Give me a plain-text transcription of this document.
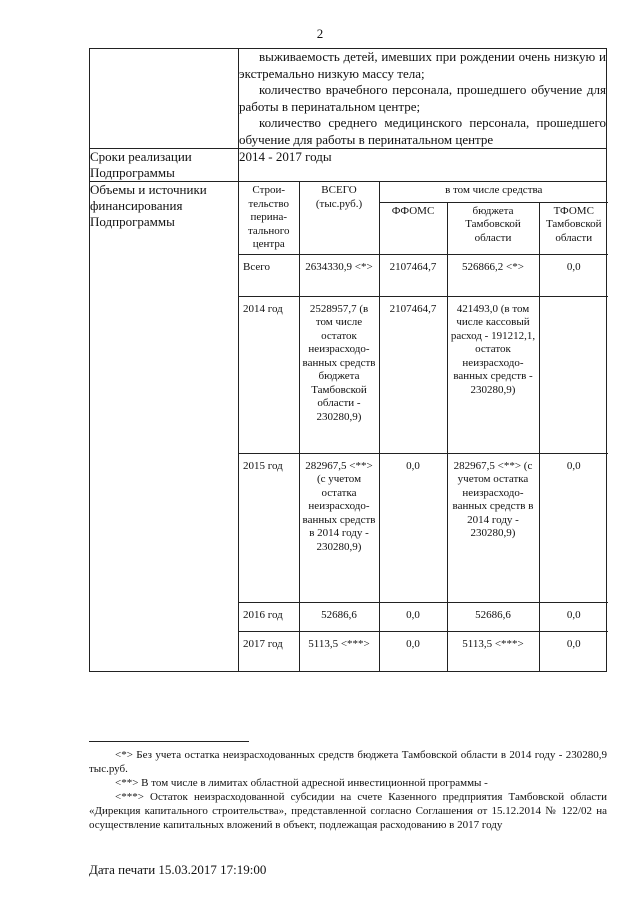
2

выживаемость детей, имевших при рождении очень низкую и экстремально низкую массу тела;

количество врачебного персонала, прошедшего обучение для работы в перинатальном центре;

количество среднего медицинского персонала, прошедшего обучение для работы в перинатальном центре

Сроки реализации Подпрограммы	2014 - 2017 годы
Объемы и источники финансирования Подпрограммы	
Строи-тельство перина-тального центра	ВСЕГО (тыс.руб.)	в том числе средства
ФФОМС	бюджета Тамбовской области	ТФОМС Тамбовской области
Всего	2634330,9 <*>	2107464,7	526866,2 <*>	0,0
2014 год	2528957,7 (в том числе остаток неизрасходо-ванных средств бюджета Тамбовской области - 230280,9)	2107464,7	421493,0 (в том числе кассовый расход - 191212,1, остаток неизрасходо-ванных средств - 230280,9)	
2015 год	282967,5 <**> (с учетом остатка неизрасходо-ванных средств в 2014 году - 230280,9)	0,0	282967,5 <**> (с учетом остатка неизрасходо-ванных средств в 2014 году - 230280,9)	0,0
2016 год	52686,6	0,0	52686,6	0,0
2017 год	5113,5 <***>	0,0	5113,5 <***>	0,0

<*> Без учета остатка неизрасходованных средств бюджета Тамбовской области в 2014 году - 230280,9 тыс.руб.

<**> В том числе в лимитах областной адресной инвестиционной программы -

<***> Остаток неизрасходованной субсидии на счете Казенного предприятия Тамбовской области «Дирекция капитального строительства», представленной согласно Соглашения от 15.12.2014 № 122/02 на осуществление капитальных вложений в объект, подлежащая расходованию в 2017 году

Дата печати 15.03.2017 17:19:00
